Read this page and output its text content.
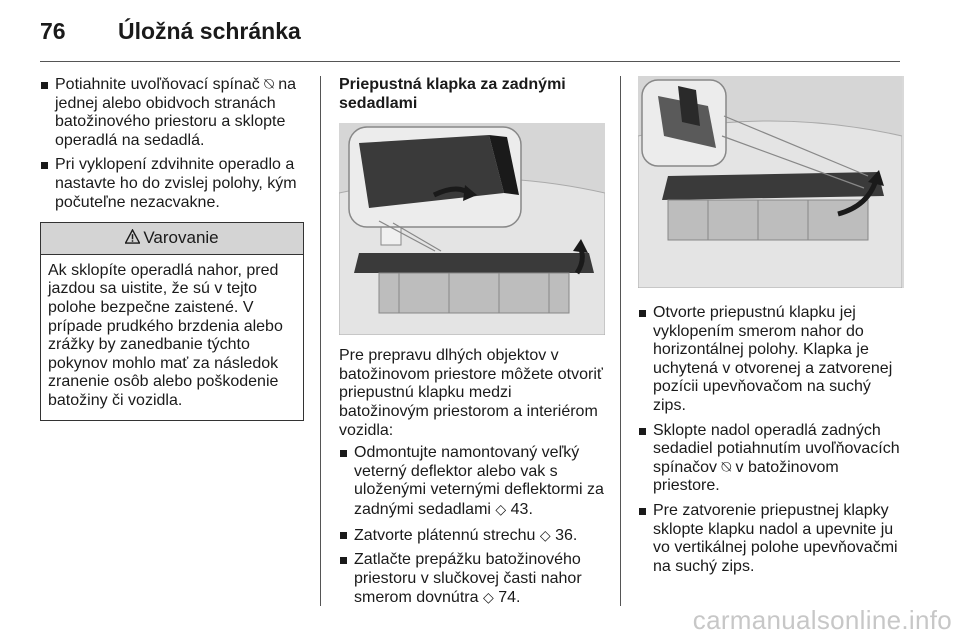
76 Úložná schránka
Potiahnite uvoľňovací spínač ⍉ na jednej alebo obidvoch stranách batožinového priestoru a sklopte operadlá na sedadlá.
Pri vyklopení zdvihnite operadlo a nastavte ho do zvislej polohy, kým počuteľne nezacvakne.
Varovanie
Ak sklopíte operadlá nahor, pred jazdou sa uistite, že sú v tejto polohe bezpečne zaistené. V prípade prudkého brzdenia alebo zrážky by zanedbanie týchto pokynov mohlo mať za následok zranenie osôb alebo poškodenie batožiny či vozidla.
Priepustná klapka za zadnými sedadlami

Pre prepravu dlhých objektov v batožinovom priestore môžete otvoriť priepustnú klapku medzi batožinovým priestorom a interiérom vozidla:

Odmontujte namontovaný veľký veterný deflektor alebo vak s uloženými veternými deflektormi za zadnými sedadlami ◇ 43.
Zatvorte plátennú strechu ◇ 36.
Zatlačte prepážku batožinového priestoru v slučkovej časti nahor smerom dovnútra ◇ 74.
Otvorte priepustnú klapku jej vyklopením smerom nahor do horizontálnej polohy. Klapka je uchytená v otvorenej a zatvorenej pozícii upevňovačom na suchý zips.
Sklopte nadol operadlá zadných sedadiel potiahnutím uvoľňovacích spínačov ⍉ v batožinovom priestore.
Pre zatvorenie priepustnej klapky sklopte klapku nadol a upevnite ju vo vertikálnej polohe upevňovačmi na suchý zips.
carmanualsonline.info
